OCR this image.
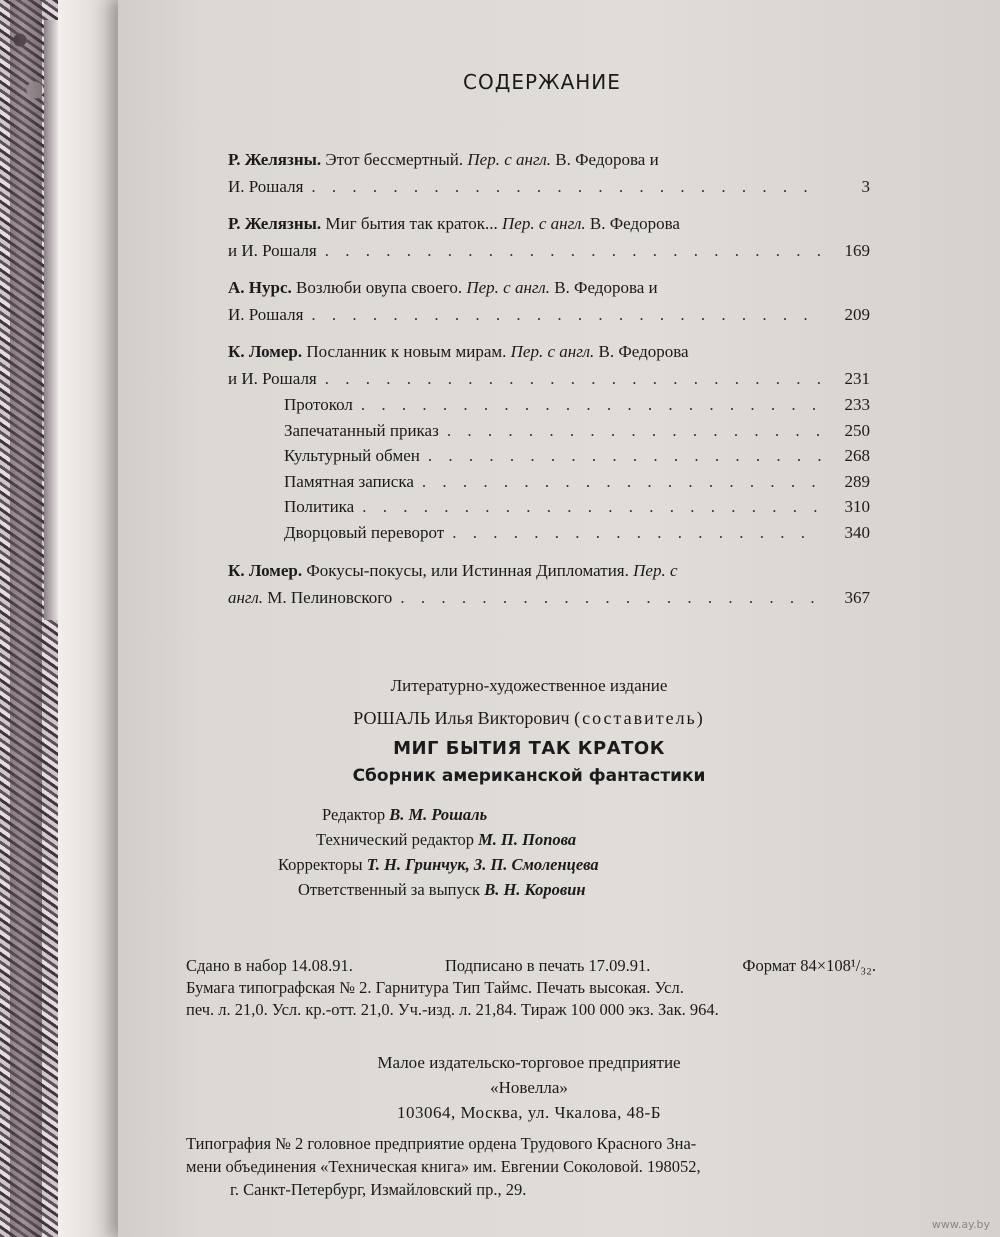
СОДЕРЖАНИЕ
Р. Желязны. Этот бессмертный. Пер. с англ. В. Федорова и
И. Рошаля . . .	3
Р. Желязны. Миг бытия так краток... Пер. с англ. В. Федорова
и И. Рошаля . . .	169
А. Нурс. Возлюби овупа своего. Пер. с англ. В. Федорова и
И. Рошаля . . .	209
К. Ломер. Посланник к новым мирам. Пер. с англ. В. Федорова
и И. Рошаля . . .	231
Протокол . . .	233
Запечатанный приказ . . .	250
Культурный обмен . . .	268
Памятная записка . . .	289
Политика . . .	310
Дворцовый переворот . . .	340
К. Ломер. Фокусы-покусы, или Истинная Дипломатия. Пер. с
англ. М. Пелиновского . . .	367
Литературно-художественное издание
РОШАЛЬ Илья Викторович (составитель)
МИГ БЫТИЯ ТАК КРАТОК
Сборник американской фантастики
Редактор В. М. Рошаль
Технический редактор М. П. Попова
Корректоры Т. Н. Гринчук, З. П. Смоленцева
Ответственный за выпуск В. Н. Коровин
Сдано в набор 14.08.91.	Подписано в печать 17.09.91.	Формат 84×108¹/₃₂.
Бумага типографская № 2. Гарнитура Тип Таймс. Печать высокая. Усл.
печ. л. 21,0. Усл. кр.-отт. 21,0. Уч.-изд. л. 21,84. Тираж 100 000 экз. Зак. 964.
Малое издательско-торговое предприятие
«Новелла»
103064, Москва, ул. Чкалова, 48-Б
Типография № 2 головное предприятие ордена Трудового Красного Зна-
мени объединения «Техническая книга» им. Евгении Соколовой. 198052,
г. Санкт-Петербург, Измайловский пр., 29.
www.ay.by
